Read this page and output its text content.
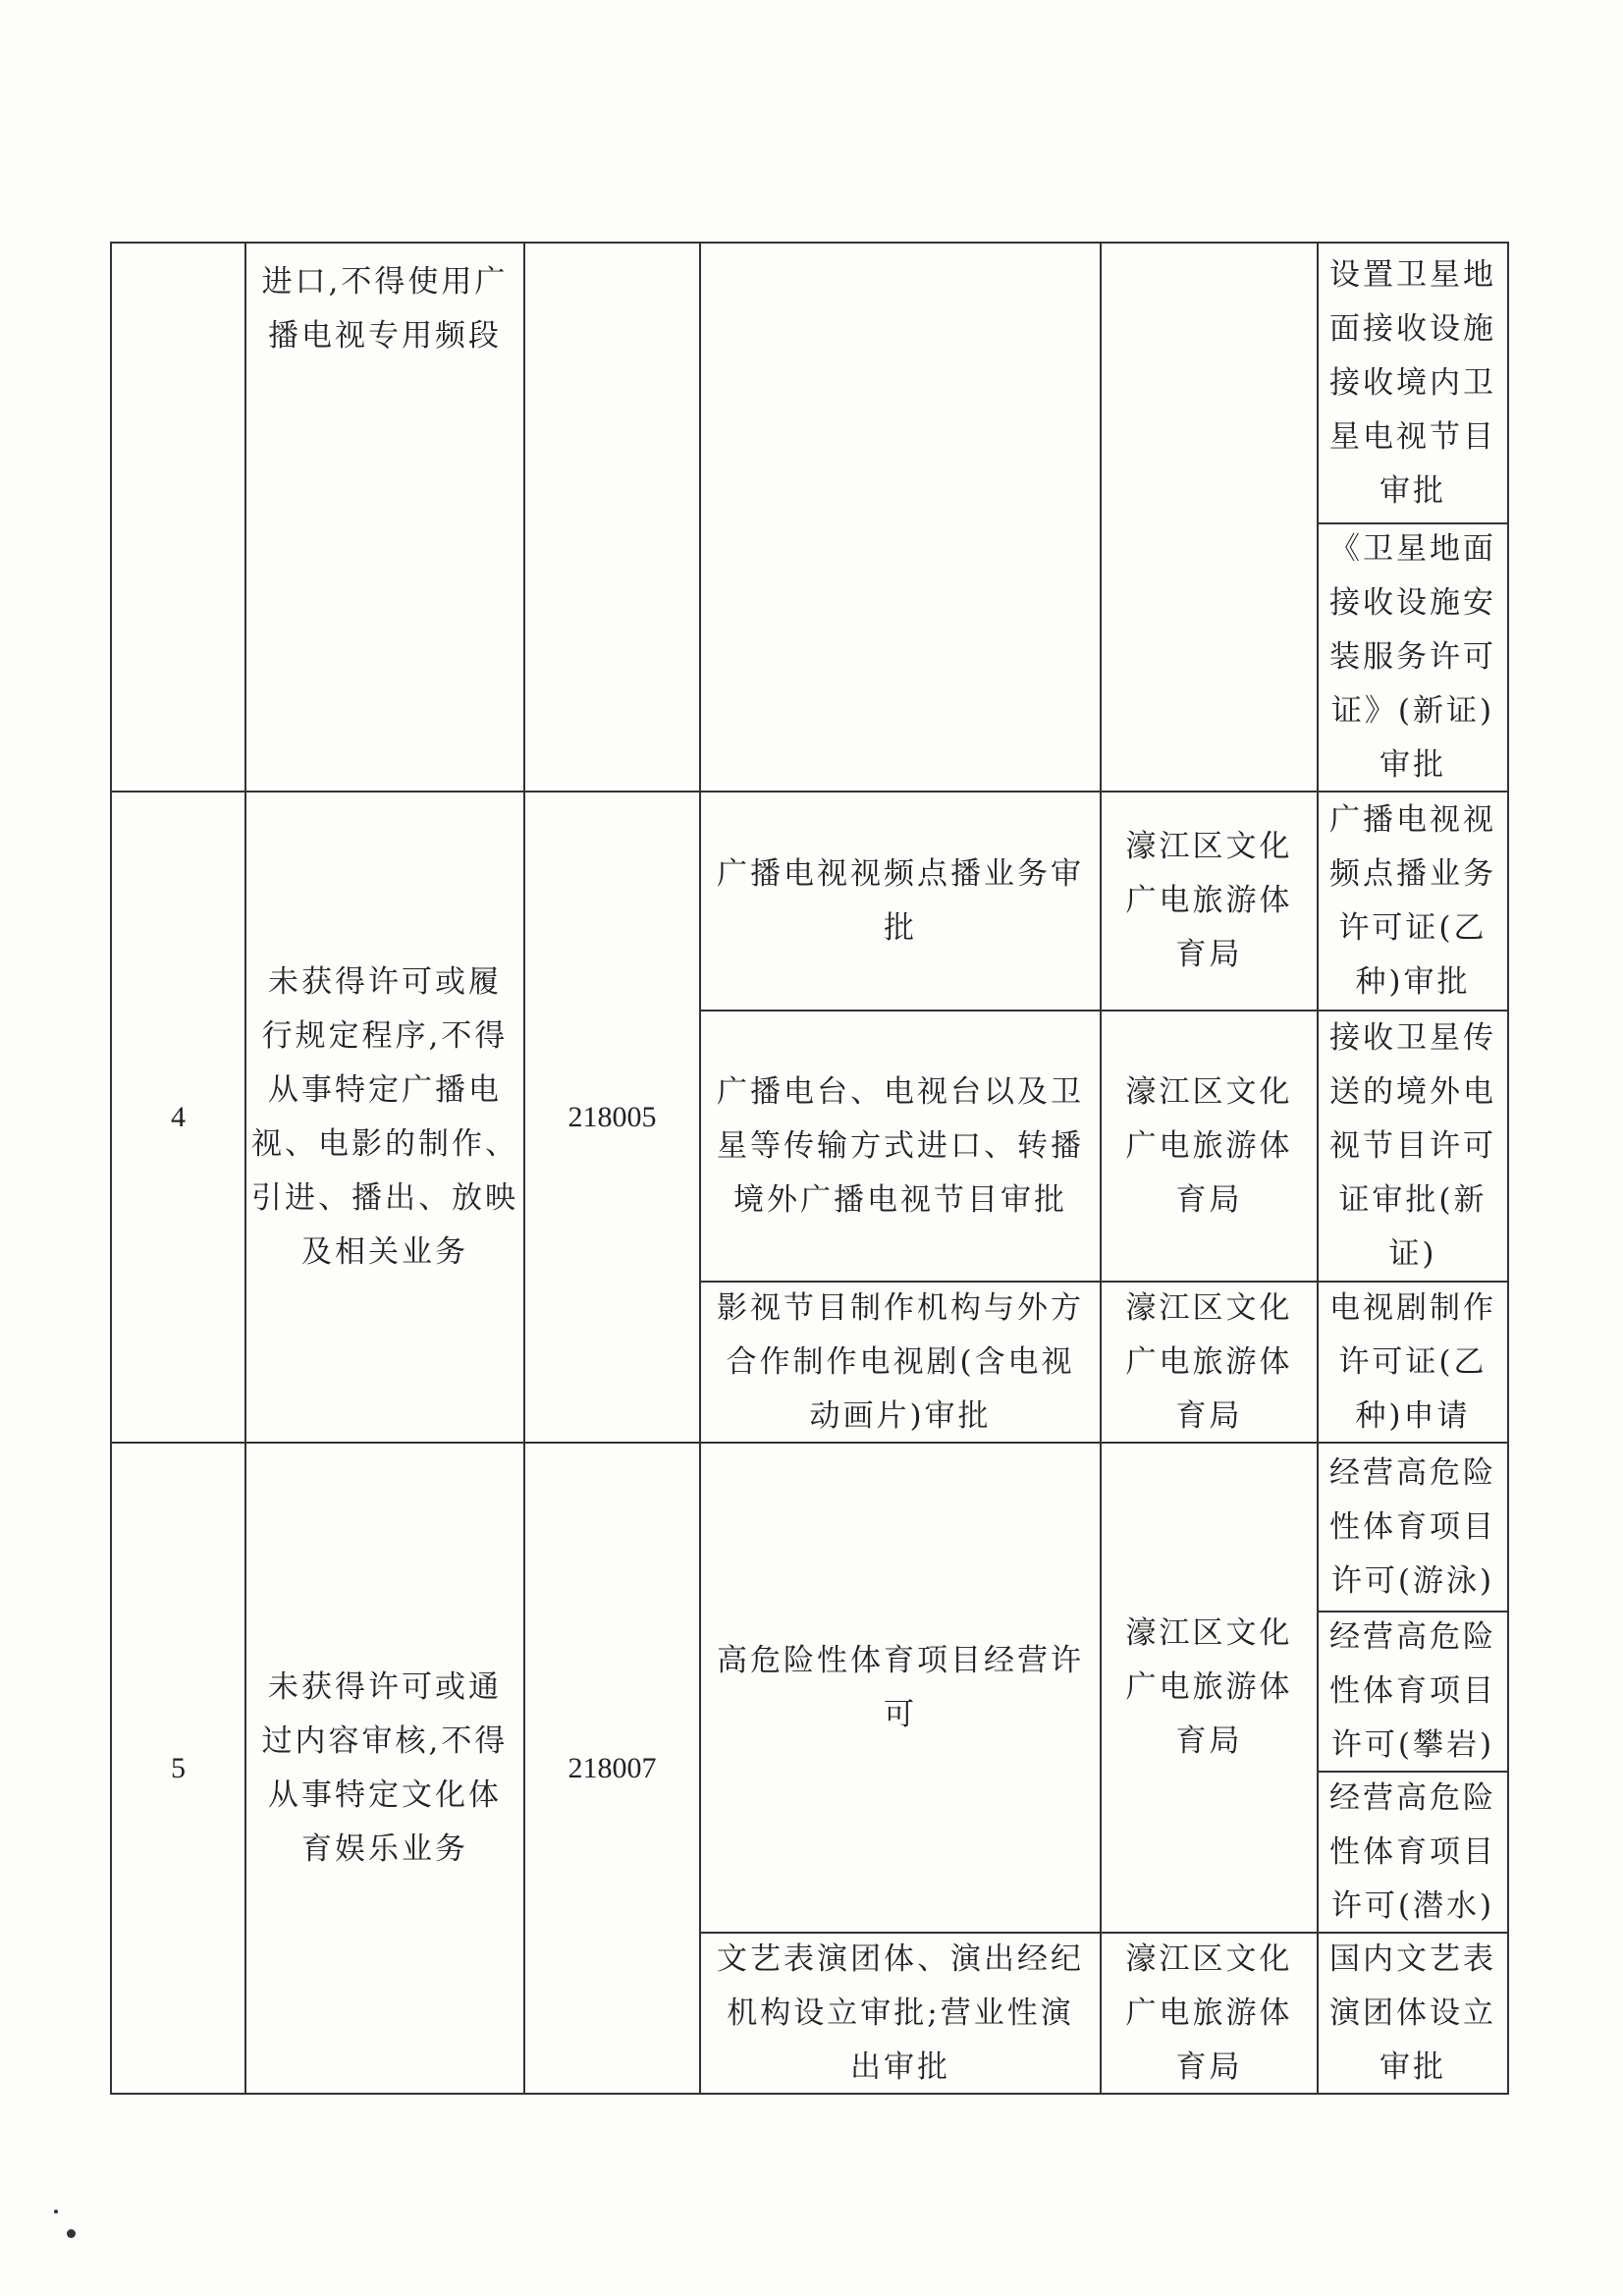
进口,不得使用广
播电视专用频段
设置卫星地
面接收设施
接收境内卫
星电视节目
审批
《卫星地面
接收设施安
装服务许可
证》(新证)
审批
4
未获得许可或履
行规定程序,不得
从事特定广播电
视、电影的制作、
引进、播出、放映
及相关业务
218005
广播电视视频点播业务审
批
濠江区文化
广电旅游体
育局
广播电视视
频点播业务
许可证(乙
种)审批
广播电台、电视台以及卫
星等传输方式进口、转播
境外广播电视节目审批
濠江区文化
广电旅游体
育局
接收卫星传
送的境外电
视节目许可
证审批(新
证)
影视节目制作机构与外方
合作制作电视剧(含电视
动画片)审批
濠江区文化
广电旅游体
育局
电视剧制作
许可证(乙
种)申请
5
未获得许可或通
过内容审核,不得
从事特定文化体
育娱乐业务
218007
高危险性体育项目经营许
可
濠江区文化
广电旅游体
育局
经营高危险
性体育项目
许可(游泳)
经营高危险
性体育项目
许可(攀岩)
经营高危险
性体育项目
许可(潜水)
文艺表演团体、演出经纪
机构设立审批;营业性演
出审批
濠江区文化
广电旅游体
育局
国内文艺表
演团体设立
审批
